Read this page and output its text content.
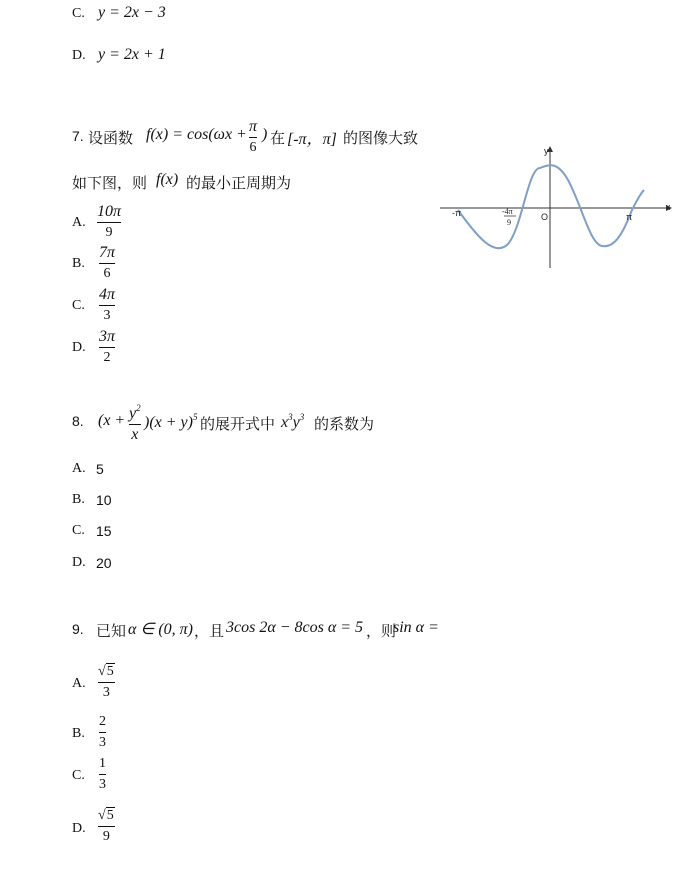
C. y = 2x − 3
D. y = 2x + 1
7. 设函数 f(x) = cos(ωx + π
6
) 在 [-π，π] 的图像大致
如下图，则 f(x) 的最小正周期为
A.
10π
9
B.
7π
6
C.
4π
3
D.
3π
2
y
x
-π	-4π
9
O	π
8. ($x + y^2$
x
)$(x + y)^5$ 的展开式中 $x^3y^3$ 的系数为
A. 5
B. 10
C. 15
D. 20
9. 已知 α ∈ (0, π) ，且 3cos 2α − 8cos α = 5 ，则
sin α =
A.
√5
3
B.
2
3
C.
1
3
D.
√5
9
